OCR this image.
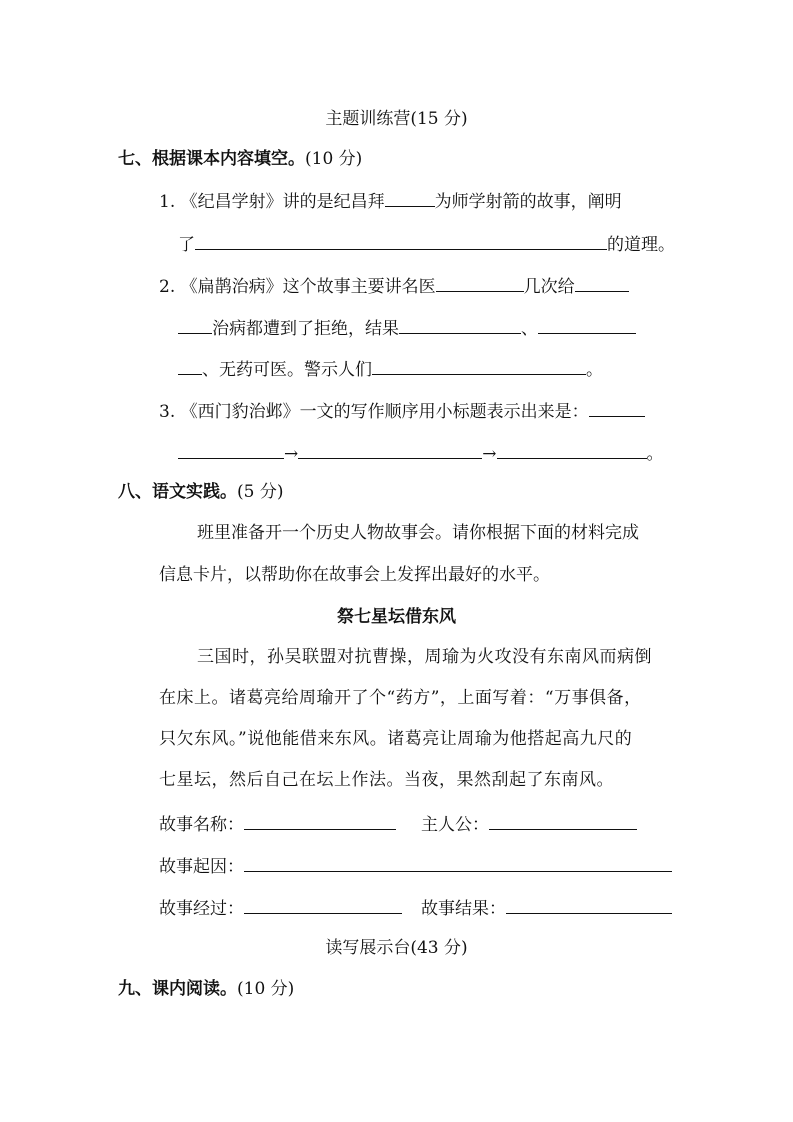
主题训练营(15 分)
七、根据课本内容填空。(10 分)
1. 《纪昌学射》讲的是纪昌拜	为师学射箭的故事，阐明
了	的道理。
2. 《扁鹊治病》这个故事主要讲名医	几次给
治病都遭到了拒绝，结果	、
、无药可医。警示人们	。
3. 《西门豹治邺》一文的写作顺序用小标题表示出来是：
→	→	。
八、语文实践。(5 分)
班里准备开一个历史人物故事会。请你根据下面的材料完成
信息卡片，以帮助你在故事会上发挥出最好的水平。
祭七星坛借东风
三国时，孙吴联盟对抗曹操，周瑜为火攻没有东南风而病倒
在床上。诸葛亮给周瑜开了个“药方”，上面写着：“万事俱备，
只欠东风。”说他能借来东风。诸葛亮让周瑜为他搭起高九尺的
七星坛，然后自己在坛上作法。当夜，果然刮起了东南风。
故事名称：	主人公：
故事起因：
故事经过：	故事结果：
读写展示台(43 分)
九、课内阅读。(10 分)
